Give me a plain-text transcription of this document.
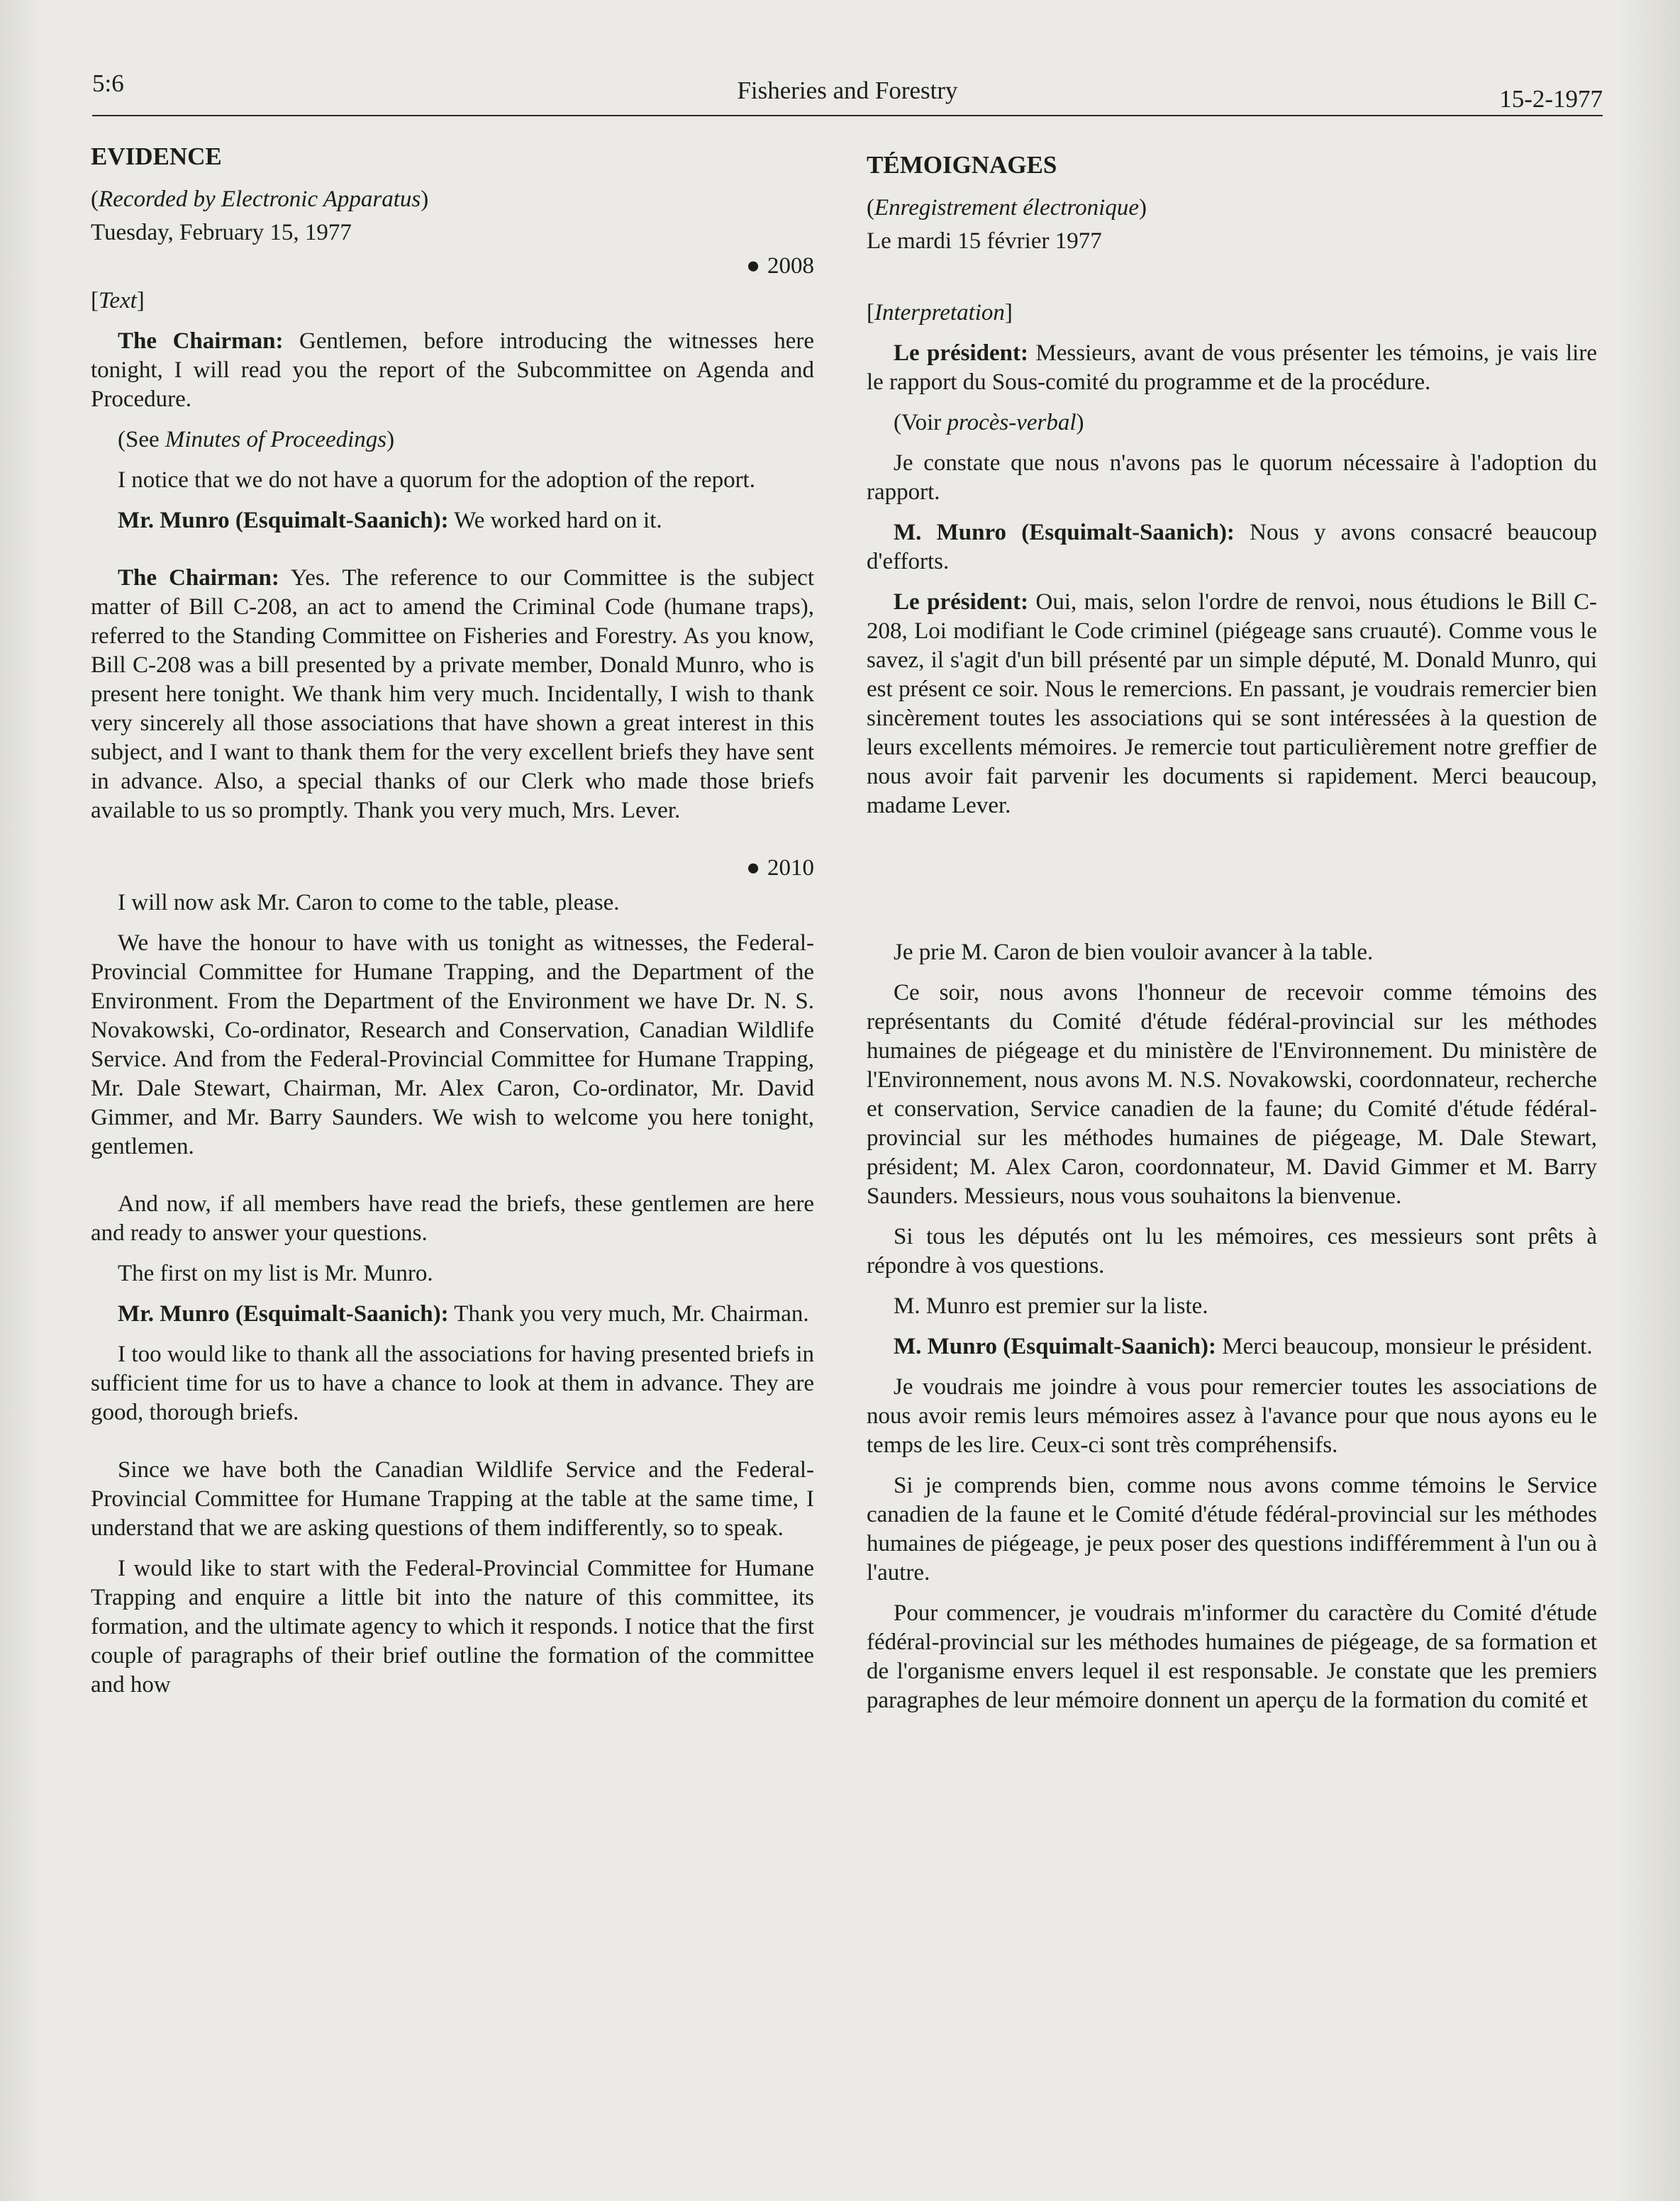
5:6	Fisheries and Forestry	15-2-1977

EVIDENCE

(Recorded by Electronic Apparatus)

Tuesday, February 15, 1977

● 2008

[Text]

The Chairman: Gentlemen, before introducing the witnesses here tonight, I will read you the report of the Subcommittee on Agenda and Procedure.

(See Minutes of Proceedings)

I notice that we do not have a quorum for the adoption of the report.

Mr. Munro (Esquimalt-Saanich): We worked hard on it.

The Chairman: Yes. The reference to our Committee is the subject matter of Bill C-208, an act to amend the Criminal Code (humane traps), referred to the Standing Committee on Fisheries and Forestry. As you know, Bill C-208 was a bill presented by a private member, Donald Munro, who is present here tonight. We thank him very much. Incidentally, I wish to thank very sincerely all those associations that have shown a great interest in this subject, and I want to thank them for the very excellent briefs they have sent in advance. Also, a special thanks of our Clerk who made those briefs available to us so promptly. Thank you very much, Mrs. Lever.

● 2010

I will now ask Mr. Caron to come to the table, please.

We have the honour to have with us tonight as witnesses, the Federal-Provincial Committee for Humane Trapping, and the Department of the Environment. From the Department of the Environment we have Dr. N. S. Novakowski, Co-ordinator, Research and Conservation, Canadian Wildlife Service. And from the Federal-Provincial Committee for Humane Trapping, Mr. Dale Stewart, Chairman, Mr. Alex Caron, Co-ordinator, Mr. David Gimmer, and Mr. Barry Saunders. We wish to welcome you here tonight, gentlemen.

And now, if all members have read the briefs, these gentlemen are here and ready to answer your questions.

The first on my list is Mr. Munro.

Mr. Munro (Esquimalt-Saanich): Thank you very much, Mr. Chairman.

I too would like to thank all the associations for having presented briefs in sufficient time for us to have a chance to look at them in advance. They are good, thorough briefs.

Since we have both the Canadian Wildlife Service and the Federal-Provincial Committee for Humane Trapping at the table at the same time, I understand that we are asking questions of them indifferently, so to speak.

I would like to start with the Federal-Provincial Committee for Humane Trapping and enquire a little bit into the nature of this committee, its formation, and the ultimate agency to which it responds. I notice that the first couple of paragraphs of their brief outline the formation of the committee and how

TÉMOIGNAGES

(Enregistrement électronique)

Le mardi 15 février 1977

[Interpretation]

Le président: Messieurs, avant de vous présenter les témoins, je vais lire le rapport du Sous-comité du programme et de la procédure.

(Voir procès-verbal)

Je constate que nous n'avons pas le quorum nécessaire à l'adoption du rapport.

M. Munro (Esquimalt-Saanich): Nous y avons consacré beaucoup d'efforts.

Le président: Oui, mais, selon l'ordre de renvoi, nous étudions le Bill C-208, Loi modifiant le Code criminel (piégeage sans cruauté). Comme vous le savez, il s'agit d'un bill présenté par un simple député, M. Donald Munro, qui est présent ce soir. Nous le remercions. En passant, je voudrais remercier bien sincèrement toutes les associations qui se sont intéressées à la question de leurs excellents mémoires. Je remercie tout particulièrement notre greffier de nous avoir fait parvenir les documents si rapidement. Merci beaucoup, madame Lever.

Je prie M. Caron de bien vouloir avancer à la table.

Ce soir, nous avons l'honneur de recevoir comme témoins des représentants du Comité d'étude fédéral-provincial sur les méthodes humaines de piégeage et du ministère de l'Environnement. Du ministère de l'Environnement, nous avons M. N.S. Novakowski, coordonnateur, recherche et conservation, Service canadien de la faune; du Comité d'étude fédéral-provincial sur les méthodes humaines de piégeage, M. Dale Stewart, président; M. Alex Caron, coordonnateur, M. David Gimmer et M. Barry Saunders. Messieurs, nous vous souhaitons la bienvenue.

Si tous les députés ont lu les mémoires, ces messieurs sont prêts à répondre à vos questions.

M. Munro est premier sur la liste.

M. Munro (Esquimalt-Saanich): Merci beaucoup, monsieur le président.

Je voudrais me joindre à vous pour remercier toutes les associations de nous avoir remis leurs mémoires assez à l'avance pour que nous ayons eu le temps de les lire. Ceux-ci sont très compréhensifs.

Si je comprends bien, comme nous avons comme témoins le Service canadien de la faune et le Comité d'étude fédéral-provincial sur les méthodes humaines de piégeage, je peux poser des questions indifféremment à l'un ou à l'autre.

Pour commencer, je voudrais m'informer du caractère du Comité d'étude fédéral-provincial sur les méthodes humaines de piégeage, de sa formation et de l'organisme envers lequel il est responsable. Je constate que les premiers paragraphes de leur mémoire donnent un aperçu de la formation du comité et
